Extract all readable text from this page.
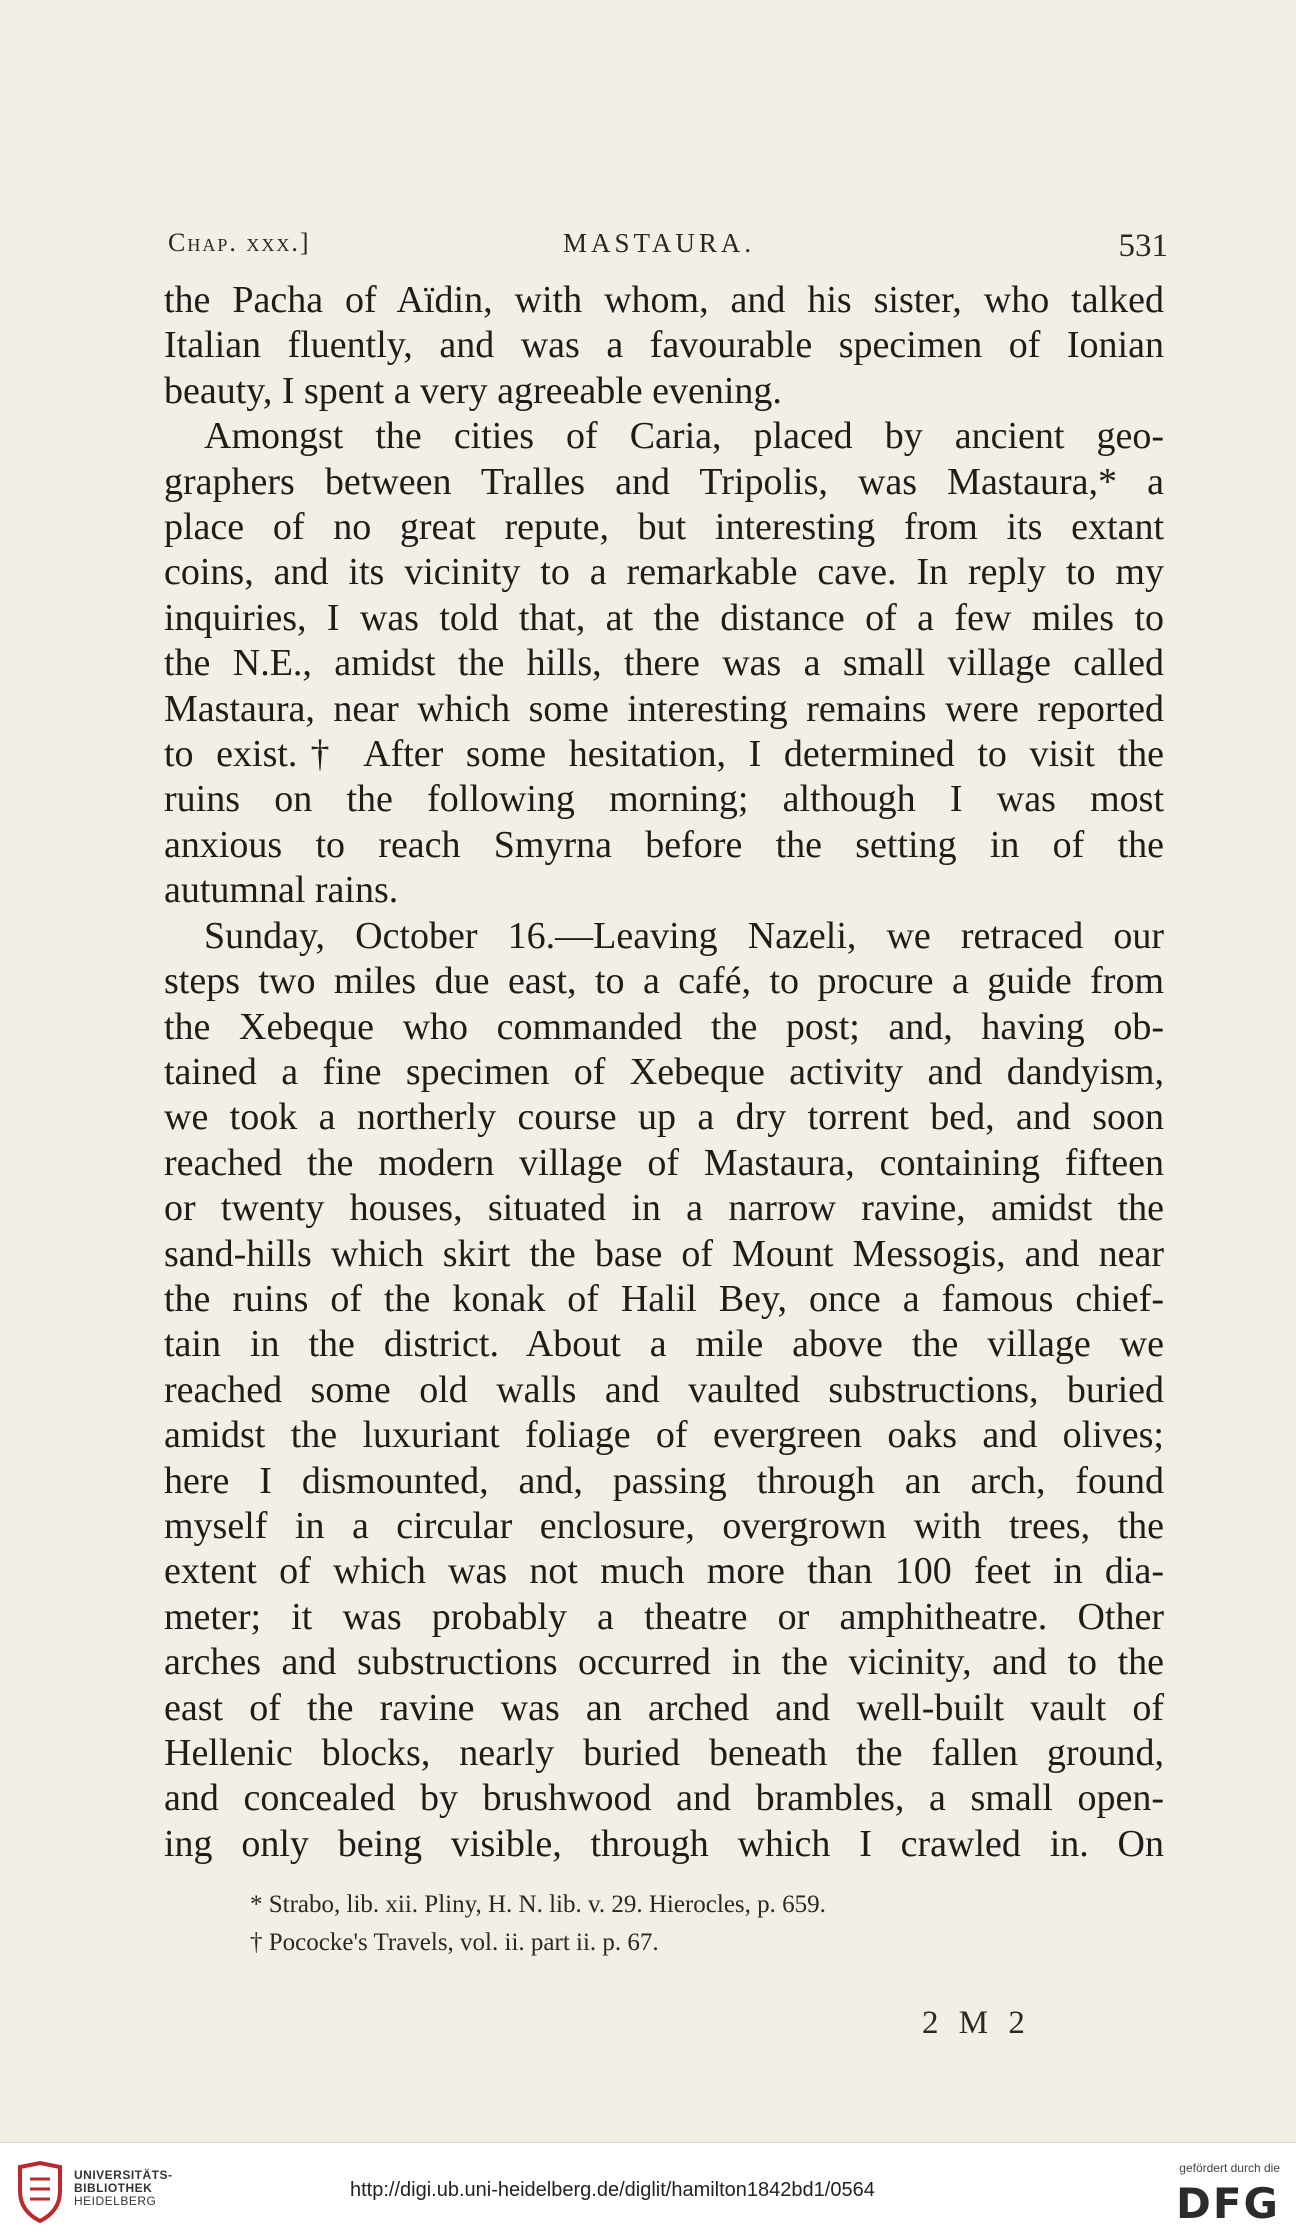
Chap. xxx.]	MASTAURA.	531
the Pacha of Aïdin, with whom, and his sister, who talked
Italian fluently, and was a favourable specimen of Ionian
beauty, I spent a very agreeable evening.
Amongst the cities of Caria, placed by ancient geo-
graphers between Tralles and Tripolis, was Mastaura,* a
place of no great repute, but interesting from its extant
coins, and its vicinity to a remarkable cave. In reply to my
inquiries, I was told that, at the distance of a few miles to
the N.E., amidst the hills, there was a small village called
Mastaura, near which some interesting remains were reported
to exist.† After some hesitation, I determined to visit the
ruins on the following morning; although I was most
anxious to reach Smyrna before the setting in of the
autumnal rains.
Sunday, October 16.—Leaving Nazeli, we retraced our
steps two miles due east, to a café, to procure a guide from
the Xebeque who commanded the post; and, having ob-
tained a fine specimen of Xebeque activity and dandyism,
we took a northerly course up a dry torrent bed, and soon
reached the modern village of Mastaura, containing fifteen
or twenty houses, situated in a narrow ravine, amidst the
sand-hills which skirt the base of Mount Messogis, and near
the ruins of the konak of Halil Bey, once a famous chief-
tain in the district. About a mile above the village we
reached some old walls and vaulted substructions, buried
amidst the luxuriant foliage of evergreen oaks and olives;
here I dismounted, and, passing through an arch, found
myself in a circular enclosure, overgrown with trees, the
extent of which was not much more than 100 feet in dia-
meter; it was probably a theatre or amphitheatre. Other
arches and substructions occurred in the vicinity, and to the
east of the ravine was an arched and well-built vault of
Hellenic blocks, nearly buried beneath the fallen ground,
and concealed by brushwood and brambles, a small open-
ing only being visible, through which I crawled in. On
* Strabo, lib. xii. Pliny, H. N. lib. v. 29. Hierocles, p. 659.
† Pococke's Travels, vol. ii. part ii. p. 67.
2 M 2
UNIVERSITÄTS-
BIBLIOTHEK
HEIDELBERG	http://digi.ub.uni-heidelberg.de/diglit/hamilton1842bd1/0564
gefördert durch die
DFG
